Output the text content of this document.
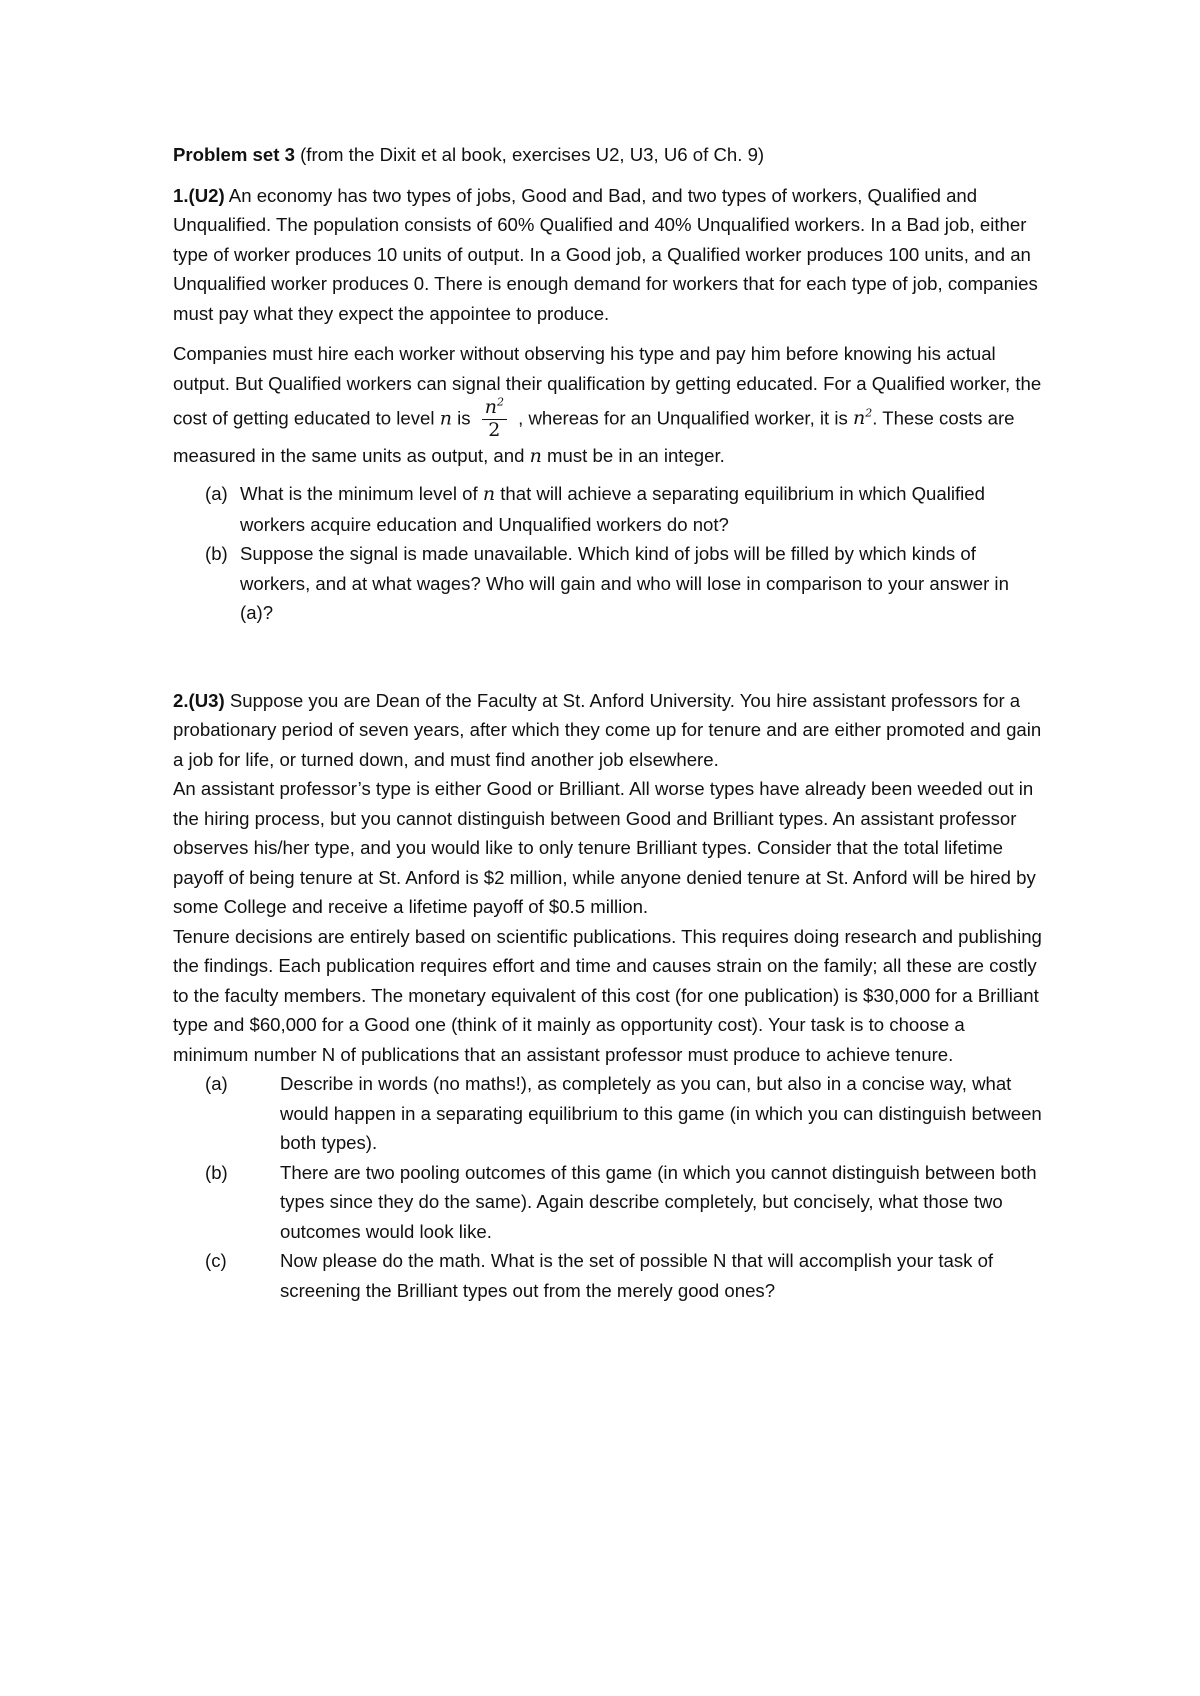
Problem set 3 (from the Dixit et al book, exercises U2, U3, U6 of Ch. 9)

1.(U2) An economy has two types of jobs, Good and Bad, and two types of workers, Qualified and Unqualified. The population consists of 60% Qualified and 40% Unqualified workers. In a Bad job, either type of worker produces 10 units of output. In a Good job, a Qualified worker produces 100 units, and an Unqualified worker produces 0. There is enough demand for workers that for each type of job, companies must pay what they expect the appointee to produce.

Companies must hire each worker without observing his type and pay him before knowing his actual output. But Qualified workers can signal their qualification by getting educated. For a Qualified worker, the cost of getting educated to level n is $\frac{n^2}{2}$ , whereas for an Unqualified worker, it is $n^2$. These costs are measured in the same units as output, and n must be in an integer.

(a) What is the minimum level of n that will achieve a separating equilibrium in which Qualified workers acquire education and Unqualified workers do not?
(b) Suppose the signal is made unavailable. Which kind of jobs will be filled by which kinds of workers, and at what wages? Who will gain and who will lose in comparison to your answer in (a)?

2.(U3) Suppose you are Dean of the Faculty at St. Anford University. You hire assistant professors for a probationary period of seven years, after which they come up for tenure and are either promoted and gain a job for life, or turned down, and must find another job elsewhere.

An assistant professor’s type is either Good or Brilliant. All worse types have already been weeded out in the hiring process, but you cannot distinguish between Good and Brilliant types. An assistant professor observes his/her type, and you would like to only tenure Brilliant types. Consider that the total lifetime payoff of being tenure at St. Anford is $2 million, while anyone denied tenure at St. Anford will be hired by some College and receive a lifetime payoff of $0.5 million.

Tenure decisions are entirely based on scientific publications. This requires doing research and publishing the findings. Each publication requires effort and time and causes strain on the family; all these are costly to the faculty members. The monetary equivalent of this cost (for one publication) is $30,000 for a Brilliant type and $60,000 for a Good one (think of it mainly as opportunity cost). Your task is to choose a minimum number N of publications that an assistant professor must produce to achieve tenure.

(a)	Describe in words (no maths!), as completely as you can, but also in a concise way, what would happen in a separating equilibrium to this game (in which you can distinguish between both types).
(b)	There are two pooling outcomes of this game (in which you cannot distinguish between both types since they do the same). Again describe completely, but concisely, what those two outcomes would look like.
(c)	Now please do the math. What is the set of possible N that will accomplish your task of screening the Brilliant types out from the merely good ones?
